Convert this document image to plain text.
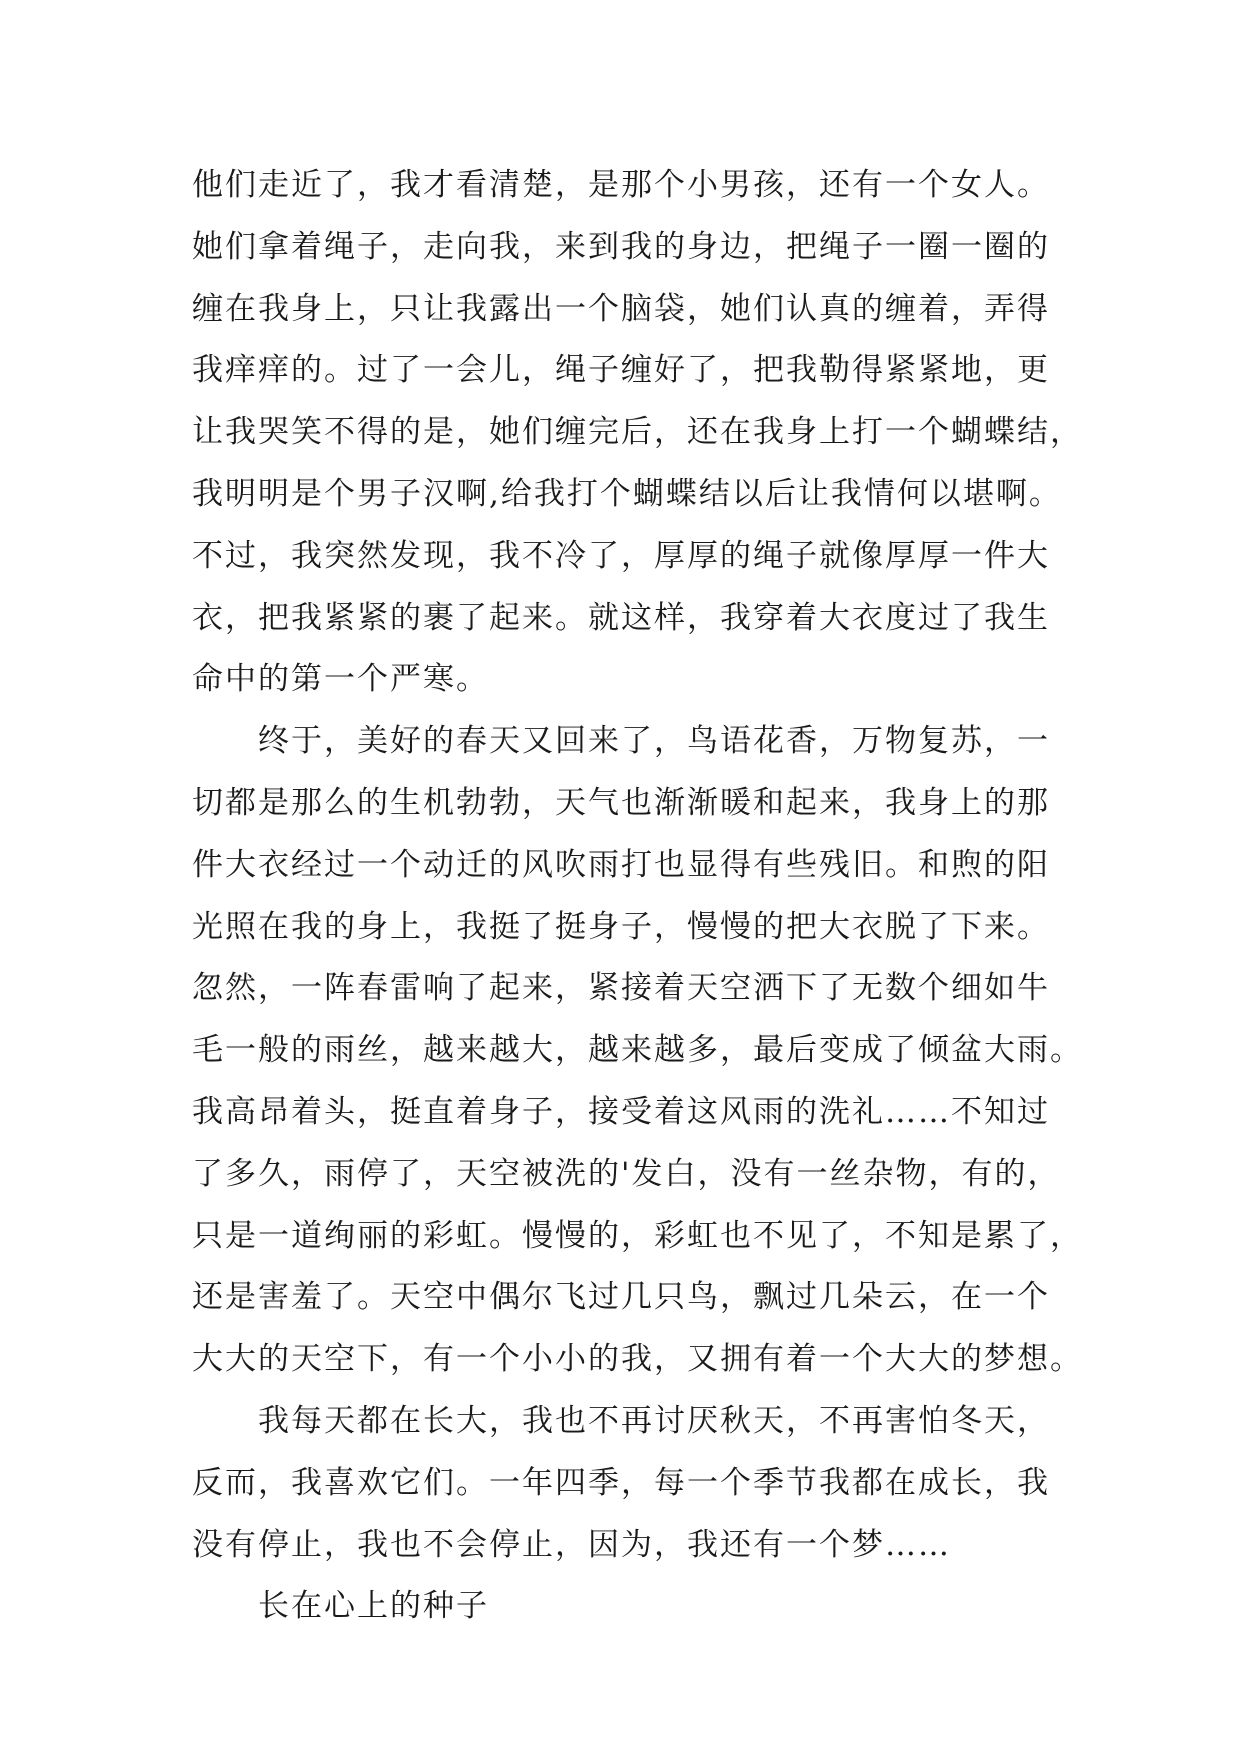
他们走近了，我才看清楚，是那个小男孩，还有一个女人。
她们拿着绳子，走向我，来到我的身边，把绳子一圈一圈的
缠在我身上，只让我露出一个脑袋，她们认真的缠着，弄得
我痒痒的。过了一会儿，绳子缠好了，把我勒得紧紧地，更
让我哭笑不得的是，她们缠完后，还在我身上打一个蝴蝶结，
我明明是个男子汉啊,给我打个蝴蝶结以后让我情何以堪啊。
不过，我突然发现，我不冷了，厚厚的绳子就像厚厚一件大
衣，把我紧紧的裹了起来。就这样，我穿着大衣度过了我生
命中的第一个严寒。
终于，美好的春天又回来了，鸟语花香，万物复苏，一
切都是那么的生机勃勃，天气也渐渐暖和起来，我身上的那
件大衣经过一个动迁的风吹雨打也显得有些残旧。和煦的阳
光照在我的身上，我挺了挺身子，慢慢的把大衣脱了下来。
忽然，一阵春雷响了起来，紧接着天空洒下了无数个细如牛
毛一般的雨丝，越来越大，越来越多，最后变成了倾盆大雨。
我高昂着头，挺直着身子，接受着这风雨的洗礼……不知过
了多久，雨停了，天空被洗的'发白，没有一丝杂物，有的，
只是一道绚丽的彩虹。慢慢的，彩虹也不见了，不知是累了，
还是害羞了。天空中偶尔飞过几只鸟，飘过几朵云，在一个
大大的天空下，有一个小小的我，又拥有着一个大大的梦想。
我每天都在长大，我也不再讨厌秋天，不再害怕冬天，
反而，我喜欢它们。一年四季，每一个季节我都在成长，我
没有停止，我也不会停止，因为，我还有一个梦……
长在心上的种子
